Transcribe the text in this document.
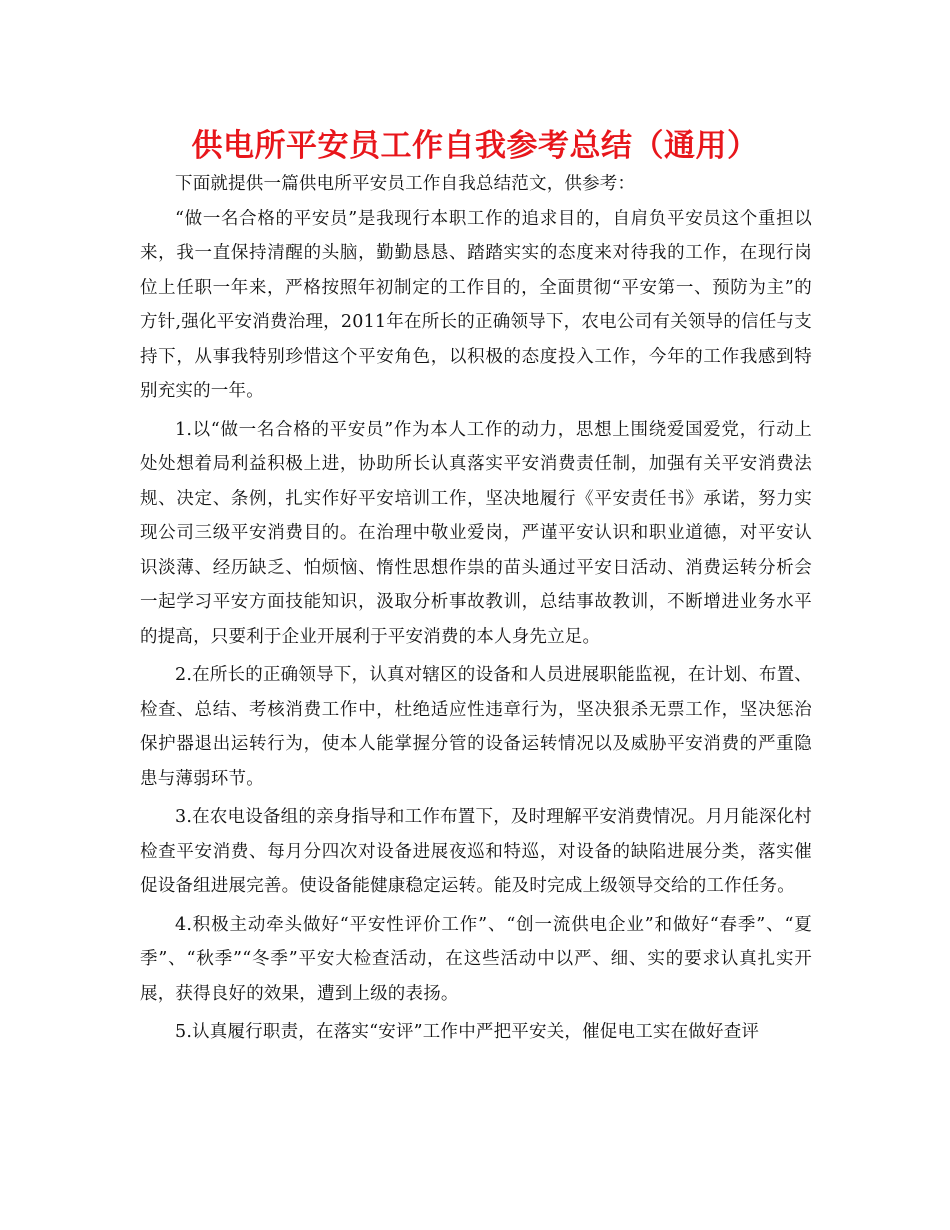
供电所平安员工作自我参考总结（通用）

下面就提供一篇供电所平安员工作自我总结范文，供参考：

“做一名合格的平安员”是我现行本职工作的追求目的，自肩负平安员这个重担以来，我一直保持清醒的头脑，勤勤恳恳、踏踏实实的态度来对待我的工作，在现行岗位上任职一年来，严格按照年初制定的工作目的，全面贯彻“平安第一、预防为主”的方针,强化平安消费治理，2011年在所长的正确领导下，农电公司有关领导的信任与支持下，从事我特别珍惜这个平安角色，以积极的态度投入工作，今年的工作我感到特别充实的一年。

1.以“做一名合格的平安员”作为本人工作的动力，思想上围绕爱国爱党，行动上处处想着局利益积极上进，协助所长认真落实平安消费责任制，加强有关平安消费法规、决定、条例，扎实作好平安培训工作，坚决地履行《平安责任书》承诺，努力实现公司三级平安消费目的。在治理中敬业爱岗，严谨平安认识和职业道德，对平安认识淡薄、经历缺乏、怕烦恼、惰性思想作祟的苗头通过平安日活动、消费运转分析会一起学习平安方面技能知识，汲取分析事故教训，总结事故教训，不断增进业务水平的提高，只要利于企业开展利于平安消费的本人身先立足。

2.在所长的正确领导下，认真对辖区的设备和人员进展职能监视，在计划、布置、检查、总结、考核消费工作中，杜绝适应性违章行为，坚决狠杀无票工作，坚决惩治保护器退出运转行为，使本人能掌握分管的设备运转情况以及威胁平安消费的严重隐患与薄弱环节。

3.在农电设备组的亲身指导和工作布置下，及时理解平安消费情况。月月能深化村检查平安消费、每月分四次对设备进展夜巡和特巡，对设备的缺陷进展分类，落实催促设备组进展完善。使设备能健康稳定运转。能及时完成上级领导交给的工作任务。

4.积极主动牵头做好“平安性评价工作”、“创一流供电企业”和做好“春季”、“夏季”、“秋季”“冬季”平安大检查活动，在这些活动中以严、细、实的要求认真扎实开展，获得良好的效果，遭到上级的表扬。

5.认真履行职责，在落实“安评”工作中严把平安关，催促电工实在做好查评
